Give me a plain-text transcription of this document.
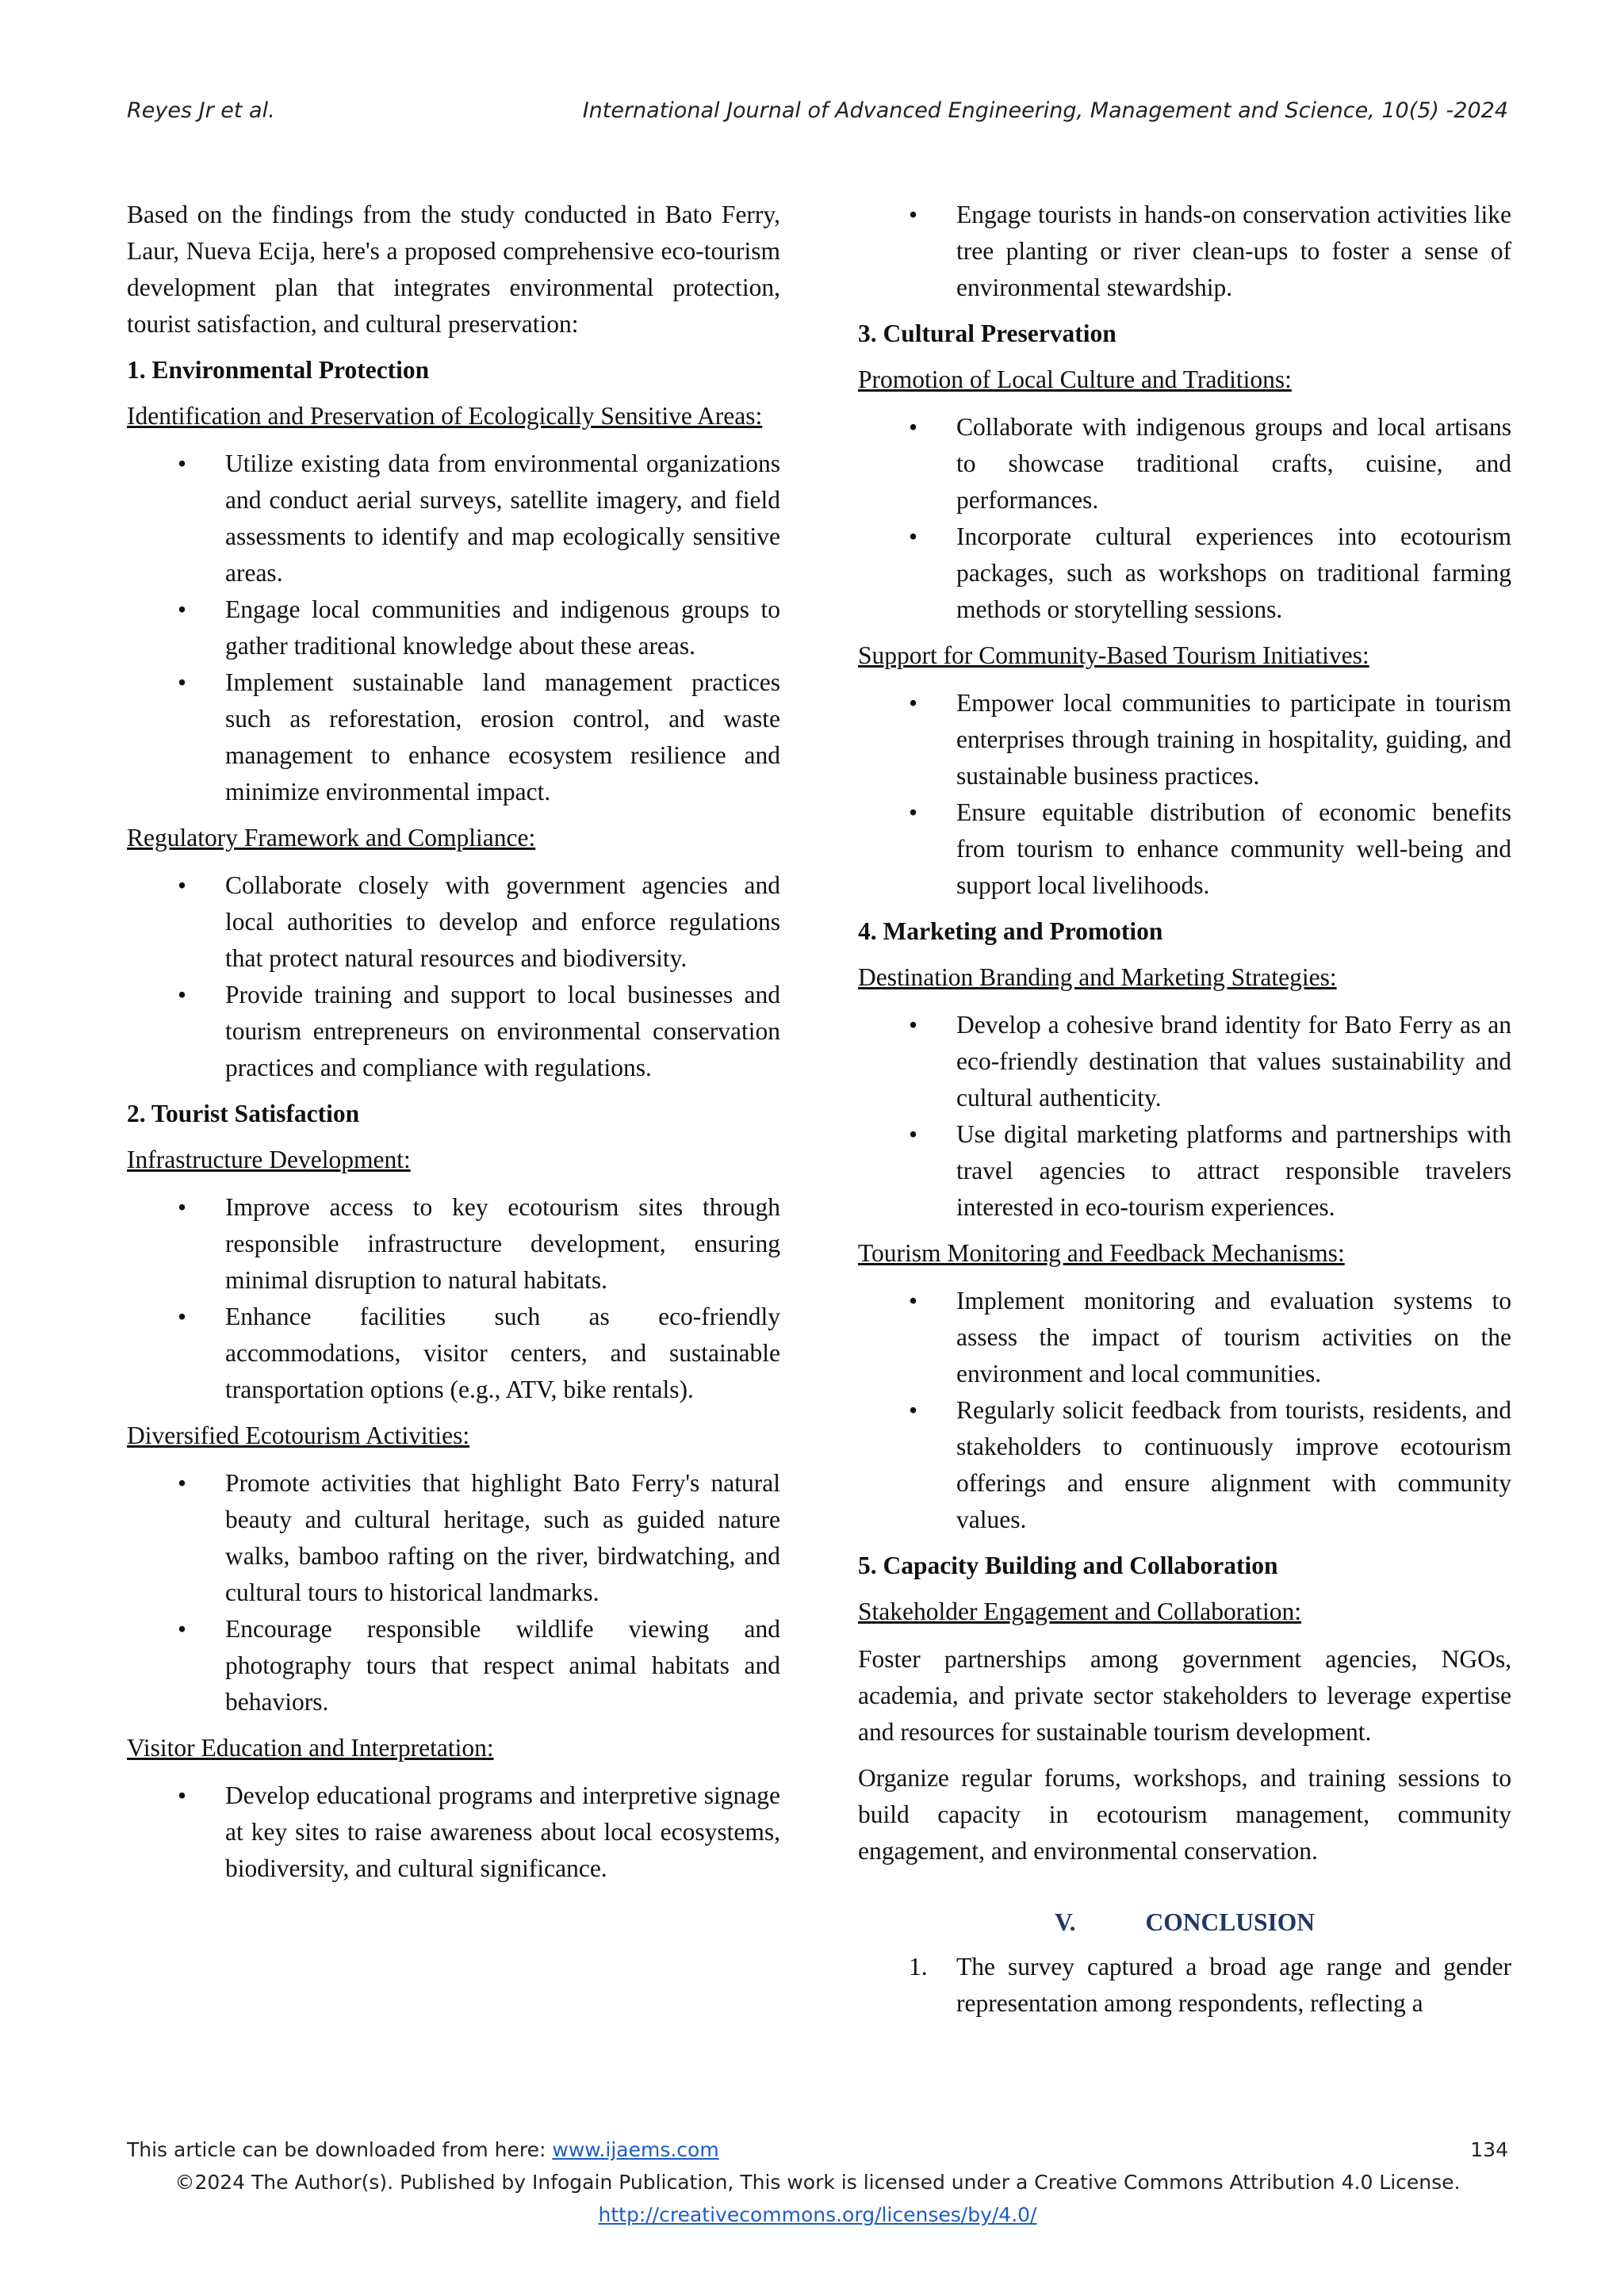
Reyes Jr et al.	International Journal of Advanced Engineering, Management and Science, 10(5) -2024

Based on the findings from the study conducted in Bato Ferry, Laur, Nueva Ecija, here's a proposed comprehensive eco-tourism development plan that integrates environmental protection, tourist satisfaction, and cultural preservation:

1. Environmental Protection
Identification and Preservation of Ecologically Sensitive Areas:
• Utilize existing data from environmental organizations and conduct aerial surveys, satellite imagery, and field assessments to identify and map ecologically sensitive areas.
• Engage local communities and indigenous groups to gather traditional knowledge about these areas.
• Implement sustainable land management practices such as reforestation, erosion control, and waste management to enhance ecosystem resilience and minimize environmental impact.
Regulatory Framework and Compliance:
• Collaborate closely with government agencies and local authorities to develop and enforce regulations that protect natural resources and biodiversity.
• Provide training and support to local businesses and tourism entrepreneurs on environmental conservation practices and compliance with regulations.
2. Tourist Satisfaction
Infrastructure Development:
• Improve access to key ecotourism sites through responsible infrastructure development, ensuring minimal disruption to natural habitats.
• Enhance facilities such as eco-friendly accommodations, visitor centers, and sustainable transportation options (e.g., ATV, bike rentals).
Diversified Ecotourism Activities:
• Promote activities that highlight Bato Ferry's natural beauty and cultural heritage, such as guided nature walks, bamboo rafting on the river, birdwatching, and cultural tours to historical landmarks.
• Encourage responsible wildlife viewing and photography tours that respect animal habitats and behaviors.
Visitor Education and Interpretation:
• Develop educational programs and interpretive signage at key sites to raise awareness about local ecosystems, biodiversity, and cultural significance.
• Engage tourists in hands-on conservation activities like tree planting or river clean-ups to foster a sense of environmental stewardship.
3. Cultural Preservation
Promotion of Local Culture and Traditions:
• Collaborate with indigenous groups and local artisans to showcase traditional crafts, cuisine, and performances.
• Incorporate cultural experiences into ecotourism packages, such as workshops on traditional farming methods or storytelling sessions.
Support for Community-Based Tourism Initiatives:
• Empower local communities to participate in tourism enterprises through training in hospitality, guiding, and sustainable business practices.
• Ensure equitable distribution of economic benefits from tourism to enhance community well-being and support local livelihoods.
4. Marketing and Promotion
Destination Branding and Marketing Strategies:
• Develop a cohesive brand identity for Bato Ferry as an eco-friendly destination that values sustainability and cultural authenticity.
• Use digital marketing platforms and partnerships with travel agencies to attract responsible travelers interested in eco-tourism experiences.
Tourism Monitoring and Feedback Mechanisms:
• Implement monitoring and evaluation systems to assess the impact of tourism activities on the environment and local communities.
• Regularly solicit feedback from tourists, residents, and stakeholders to continuously improve ecotourism offerings and ensure alignment with community values.
5. Capacity Building and Collaboration
Stakeholder Engagement and Collaboration:

Foster partnerships among government agencies, NGOs, academia, and private sector stakeholders to leverage expertise and resources for sustainable tourism development.

Organize regular forums, workshops, and training sessions to build capacity in ecotourism management, community engagement, and environmental conservation.

V.	CONCLUSION
1. The survey captured a broad age range and gender representation among respondents, reflecting a
This article can be downloaded from here: www.ijaems.com	134
©2024 The Author(s). Published by Infogain Publication, This work is licensed under a Creative Commons Attribution 4.0 License.
http://creativecommons.org/licenses/by/4.0/
